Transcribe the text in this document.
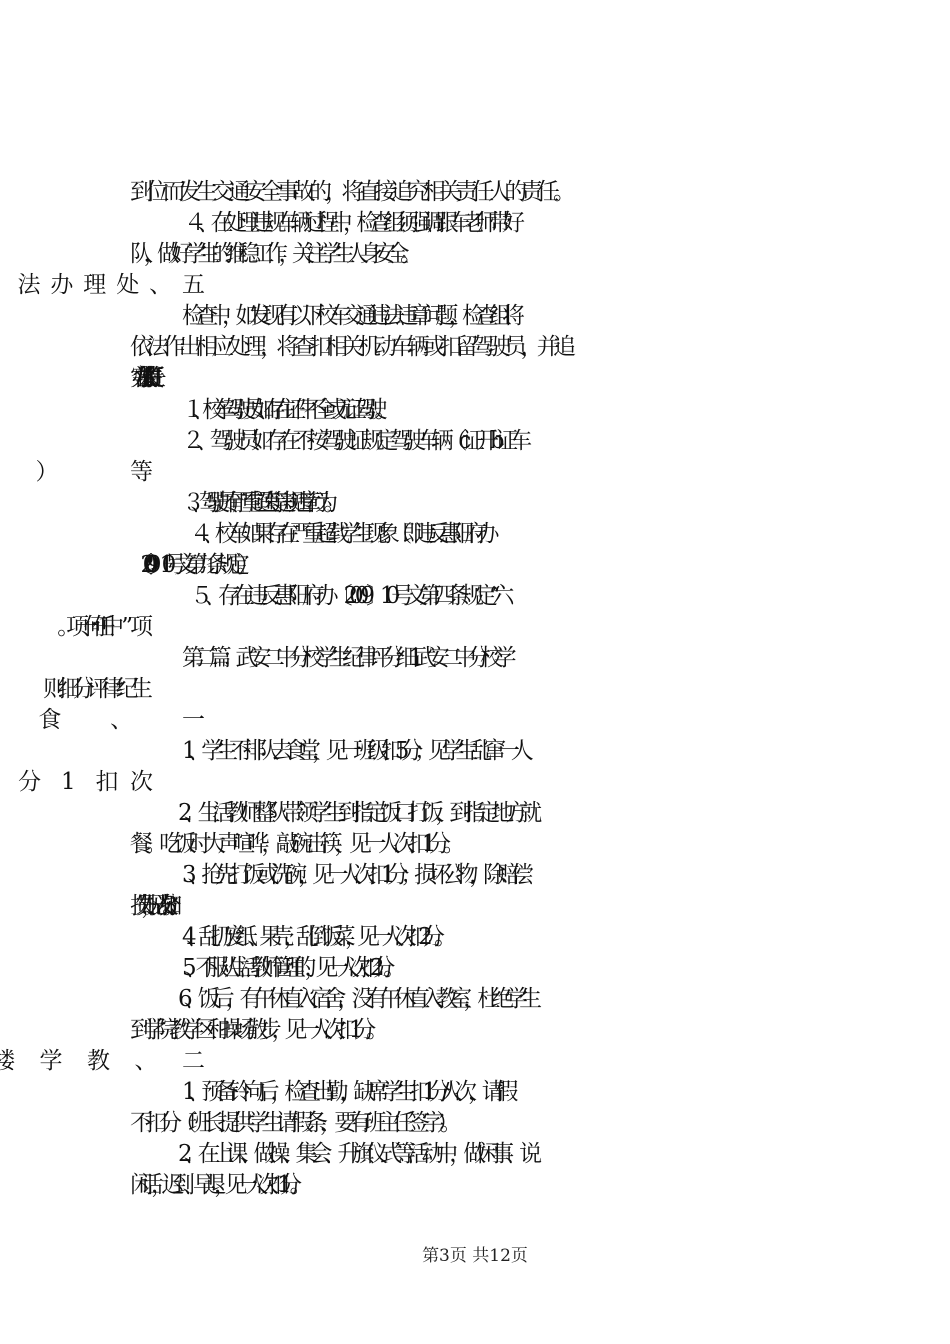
到位而发生交通安全事故的，将直接追究相关责任人的责任。
４、在处理违规车辆过程中，检查组须强调跟车老师带好
队，做好学生的维稳工作，关注学生人身安全。
检查中，如发现有以下校车交通违法违章问题，检查组将
依法作出相应处理，将查扣相关机动车辆或扣留驾驶员，并追
究办学法人的相关责任。
１、校车驾驶员如存在证件不全或无证驾驶。
２、驾驶员如存在不按驾驶证规定驾驶车辆（c证开b证车
３、驾驶员有严重超速等违规违章行为。
４、校车如果存在严重超载学生现象（即违反惠阳府办
〔2009〕10号文第九条规定）。
５、存在违反惠阳府办〔2009〕10号文第四条规定“六
第二篇：武安二中分校学生纪律评分细1武安二中分校学
1、学生不排队去食堂，见一班级扣5分；见学生乱窜一人
2、生活教师整队带领学生到指定饭口打饭，到指定地方就
餐。吃饭时大声喧哗，敲碗击筷，见一人次扣1分。
3、抢先打饭或洗碗，见一人次扣1分；损坏公物，除赔偿
损失外，见一人次扣3分。
4、乱扔废纸、果壳，乱倒饭菜，见一人次扣2分。
5、不服从生活教师管理的，见一人次扣2分。
6、饭后，有午休直入宿舍，没有午休直入教室，杜绝学生
到学院教学区和操场散步，见一人次扣1分。
1、预备铃向后，检查出勤，缺席学生扣1分/人次，请假
不扣分（班长提供学生请假条，要有班主任签字）。
2、在上课、做操、集会、升旗仪式等活动中，做闲事、说
闲话，迟到、早退，见一人次扣1分。
第3页 共12页
